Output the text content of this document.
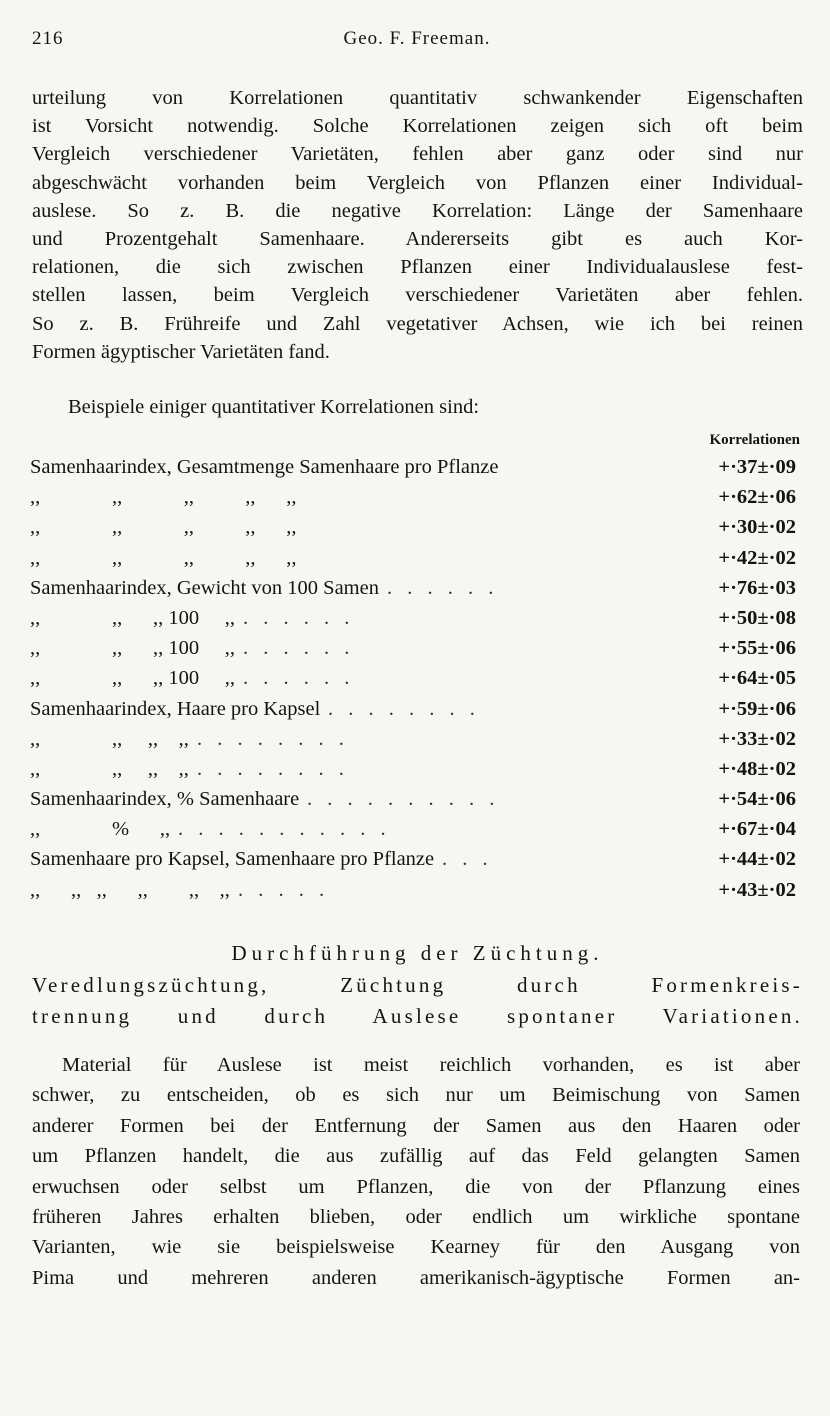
216	Geo. F. Freeman.
urteilung von Korrelationen quantitativ schwankender Eigenschaften
ist Vorsicht notwendig. Solche Korrelationen zeigen sich oft beim
Vergleich verschiedener Varietäten, fehlen aber ganz oder sind nur
abgeschwächt vorhanden beim Vergleich von Pflanzen einer Individual-
auslese. So z. B. die negative Korrelation: Länge der Samenhaare
und Prozentgehalt Samenhaare. Andererseits gibt es auch Kor-
relationen, die sich zwischen Pflanzen einer Individualauslese fest-
stellen lassen, beim Vergleich verschiedener Varietäten aber fehlen.
So z. B. Frühreife und Zahl vegetativer Achsen, wie ich bei reinen
Formen ägyptischer Varietäten fand.
Beispiele einiger quantitativer Korrelationen sind:
Korrelationen
Samenhaarindex, Gesamtmenge Samenhaare pro Pflanze	+·37±·09
,,              ,,            ,,          ,,      ,,	+·62±·06
,,              ,,            ,,          ,,      ,,	+·30±·02
,,              ,,            ,,          ,,      ,,	+·42±·02
Samenhaarindex, Gewicht von 100 Samen . . . . . .	+·76±·03
,,              ,,      ,, 100     ,, . . . . . .	+·50±·08
,,              ,,      ,, 100     ,, . . . . . .	+·55±·06
,,              ,,      ,, 100     ,, . . . . . .	+·64±·05
Samenhaarindex, Haare pro Kapsel . . . . . . . .	+·59±·06
,,              ,,     ,,    ,, . . . . . . . .	+·33±·02
,,              ,,     ,,    ,, . . . . . . . .	+·48±·02
Samenhaarindex, % Samenhaare . . . . . . . . . .	+·54±·06
,,              %      ,, . . . . . . . . . . .	+·67±·04
Samenhaare pro Kapsel, Samenhaare pro Pflanze . . .	+·44±·02
,,      ,,   ,,      ,,        ,,    ,, . . . . .	+·43±·02
Durchführung der Züchtung.
Veredlungszüchtung, Züchtung durch Formenkreis-
trennung und durch Auslese spontaner Variationen.
Material für Auslese ist meist reichlich vorhanden, es ist aber
schwer, zu entscheiden, ob es sich nur um Beimischung von Samen
anderer Formen bei der Entfernung der Samen aus den Haaren oder
um Pflanzen handelt, die aus zufällig auf das Feld gelangten Samen
erwuchsen oder selbst um Pflanzen, die von der Pflanzung eines
früheren Jahres erhalten blieben, oder endlich um wirkliche spontane
Varianten, wie sie beispielsweise Kearney für den Ausgang von
Pima und mehreren anderen amerikanisch-ägyptische Formen an-
